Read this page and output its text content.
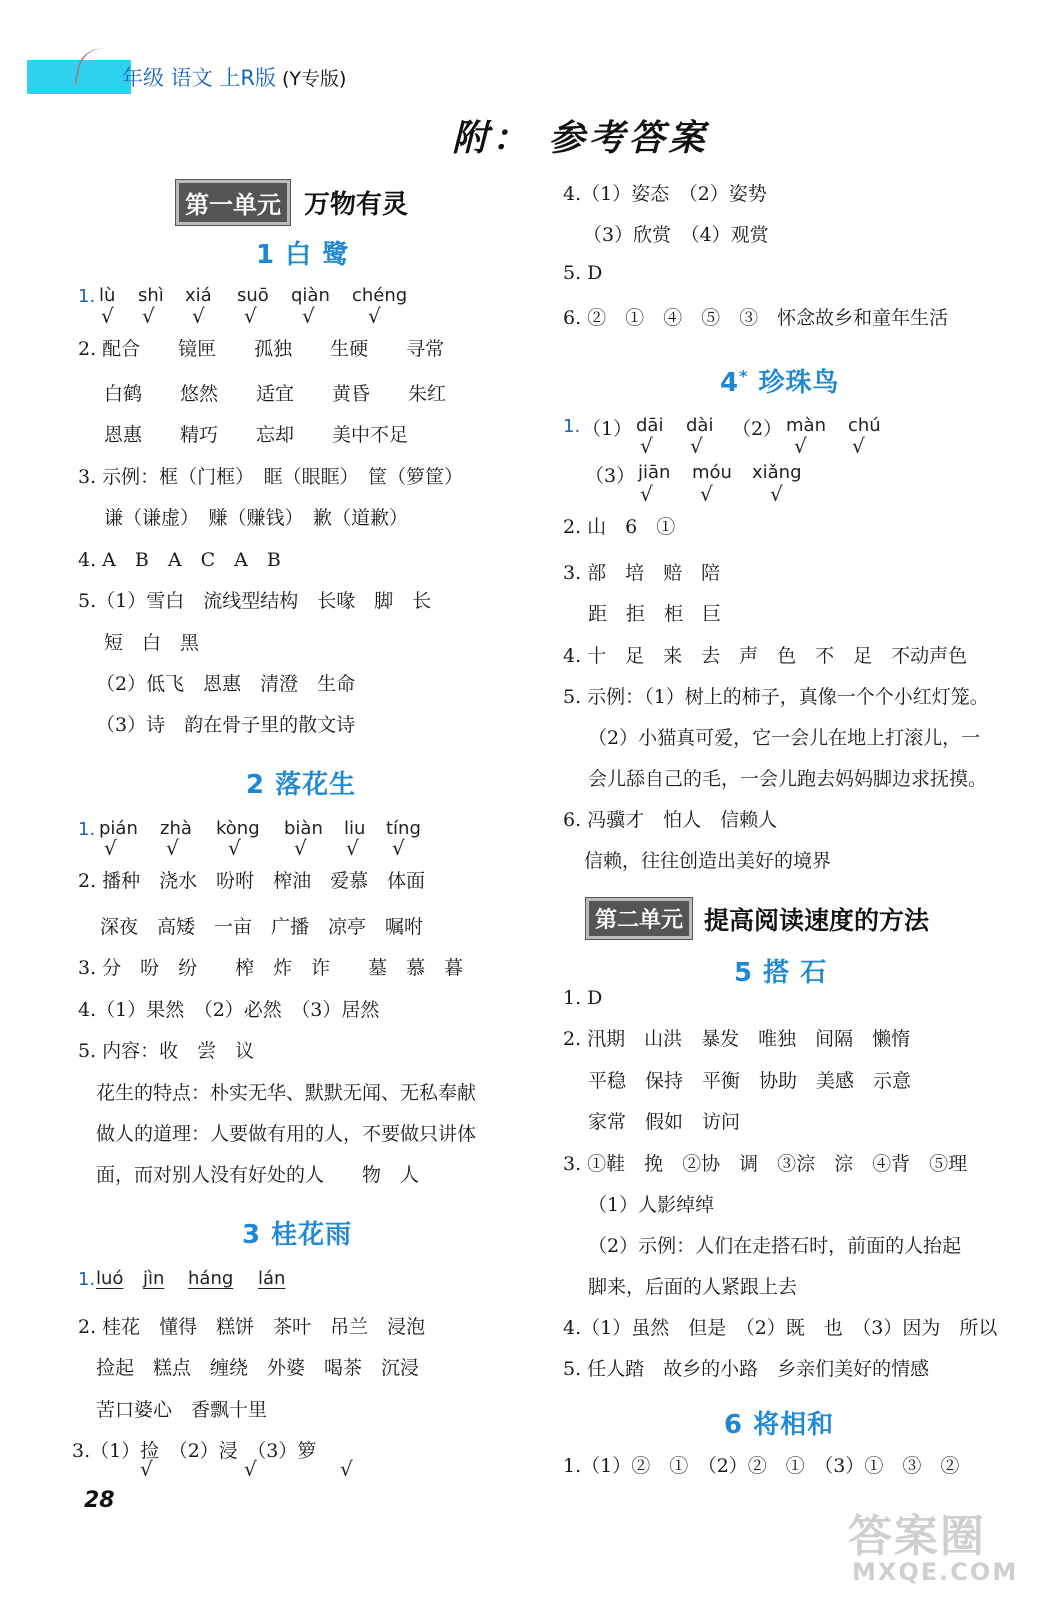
年级 语文 上R版 (Y专版)
附： 参考答案
第一单元 万物有灵
1 白 鹭
1. lù shì xiá suō qiàn chéng
√ √ √ √ √	√
2. 配合　　镜匣　　孤独　　生硬　　寻常
白鹤　　悠然　　适宜　　黄昏　　朱红
恩惠　　精巧　　忘却　　美中不足
3. 示例：框（门框）　眶（眼眶）　筐（箩筐）
谦（谦虚）　赚（赚钱）　歉（道歉）
4. A　B　A　C　A　B
5.（1）雪白　流线型结构　长喙　脚　长
短　白　黑
（2）低飞　恩惠　清澄　生命
（3）诗　韵在骨子里的散文诗
2 落花生
1. pián zhà kòng biàn liu tíng
√ √ √	√ √ √
2. 播种　浇水　吩咐　榨油　爱慕　体面
深夜　高矮　一亩　广播　凉亭　嘱咐
3. 分　吩　纷　　榨　炸　诈　　墓　慕　暮
4.（1）果然　（2）必然　（3）居然
5. 内容：收　尝　议
花生的特点：朴实无华、默默无闻、无私奉献
做人的道理：人要做有用的人，不要做只讲体
面，而对别人没有好处的人　　物　人
3 桂花雨
1. luó jìn háng lán
2. 桂花　懂得　糕饼　茶叶　吊兰　浸泡
捡起　糕点　缠绕　外婆　喝茶　沉浸
苦口婆心　香飘十里
3.（1）捡　（2）浸　（3）箩
√	√	√
4.（1）姿态　（2）姿势
（3）欣赏　（4）观赏
5. D
6. ②　①　④　⑤　③　怀念故乡和童年生活
4* 珍珠鸟
1. （1） dāi dài （2） màn chú
√ √	√ √
（3） jiān móu xiǎng
√ √	√
2. 山　6　①
3. 部　培　赔　陪
距　拒　柜　巨
4. 十　足　来　去　声　色　不　足　不动声色
5. 示例：（1）树上的柿子，真像一个个小红灯笼。
（2）小猫真可爱，它一会儿在地上打滚儿，一
会儿舔自己的毛，一会儿跑去妈妈脚边求抚摸。
6. 冯骥才　怕人　信赖人
信赖，往往创造出美好的境界
第二单元 提高阅读速度的方法
5 搭 石
1. D
2. 汛期　山洪　暴发　唯独　间隔　懒惰
平稳　保持　平衡　协助　美感　示意
家常　假如　访问
3. ①鞋　挽　②协　调　③淙　淙　④背　⑤理
（1）人影绰绰
（2）示例：人们在走搭石时，前面的人抬起
脚来，后面的人紧跟上去
4.（1）虽然　但是　（2）既　也　（3）因为　所以
5. 任人踏　故乡的小路　乡亲们美好的情感
6 将相和
1.（1）②　①　（2）②　①　（3）①　③　②
28
答案圈
MXQE.COM
